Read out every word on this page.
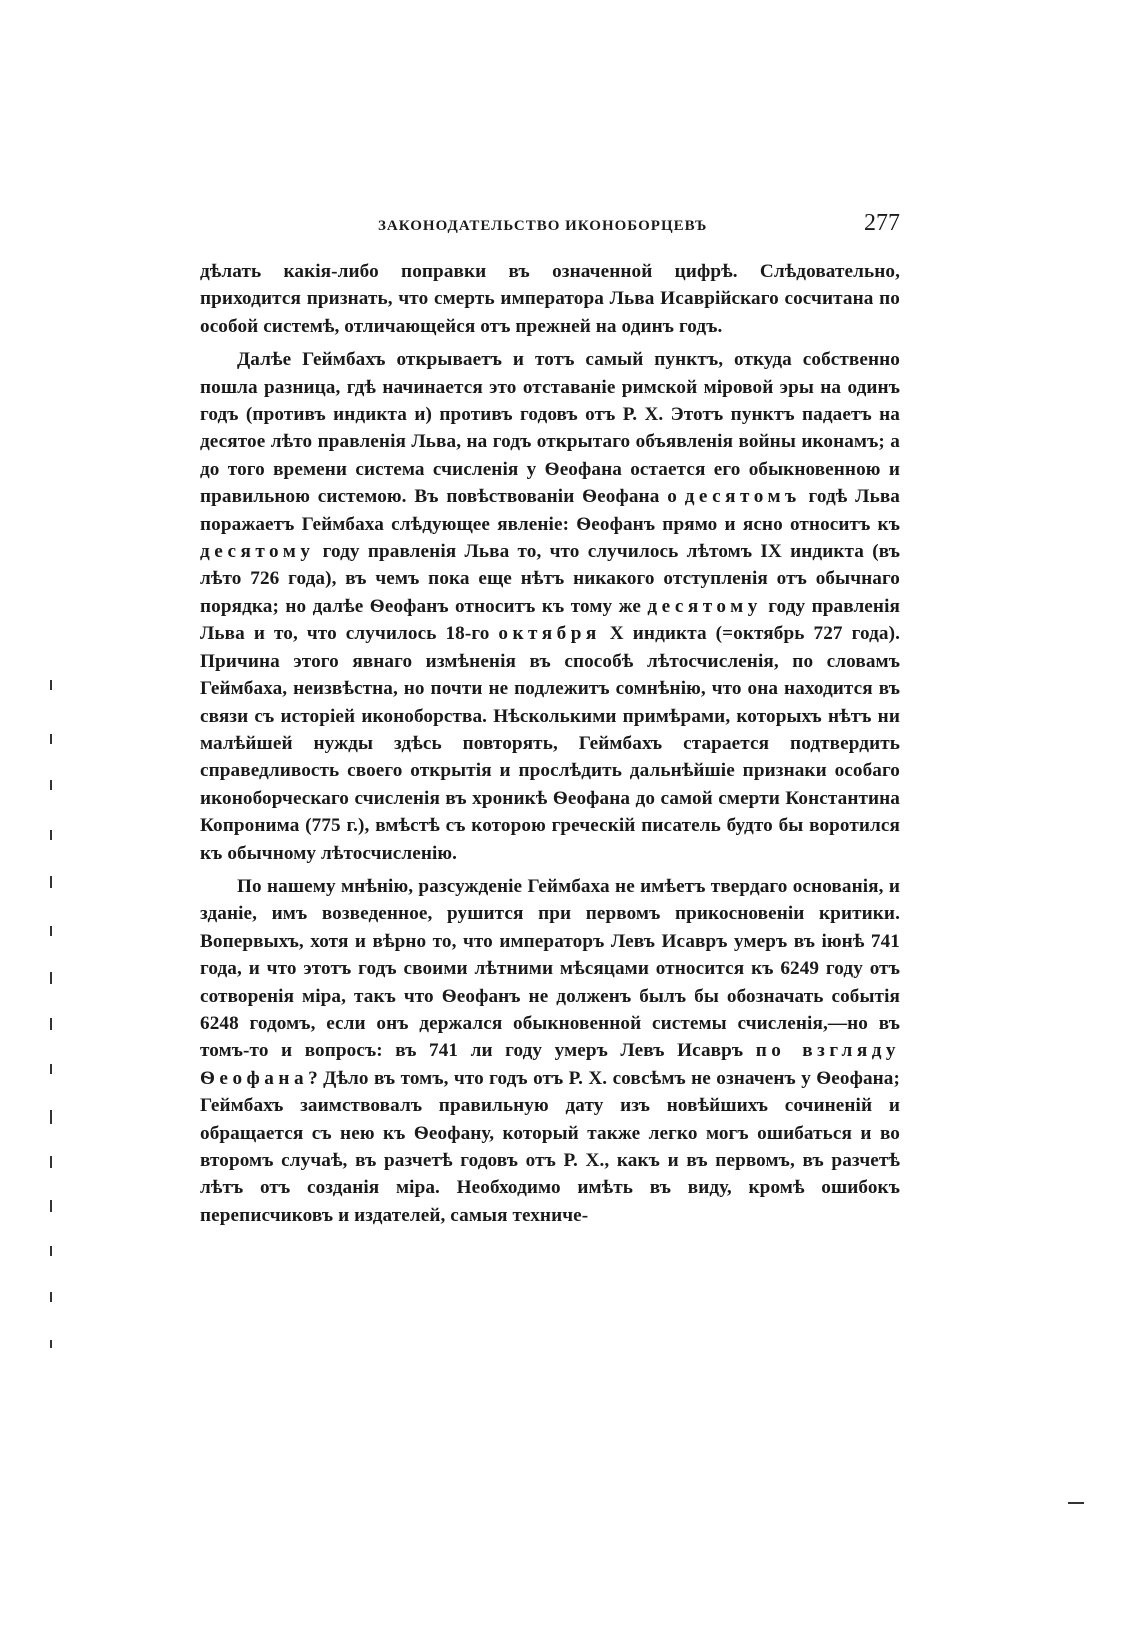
ЗАКОНОДАТЕЛЬСТВО ИКОНОБОРЦЕВЪ	277

дѣлать какія-либо поправки въ означенной цифрѣ. Слѣдовательно, приходится признать, что смерть императора Льва Исаврійскаго сосчитана по особой системѣ, отличающейся отъ прежней на одинъ годъ.

Далѣе Геймбахъ открываетъ и тотъ самый пунктъ, откуда собственно пошла разница, гдѣ начинается это отставаніе римской міровой эры на одинъ годъ (противъ индикта и) противъ годовъ отъ Р. Х. Этотъ пунктъ падаетъ на десятое лѣто правленія Льва, на годъ открытаго объявленія войны иконамъ; а до того времени система счисленія у Ѳеофана остается его обыкновенною и правильною системою. Въ повѣствованіи Ѳеофана о десятомъ годѣ Льва поражаетъ Геймбаха слѣдующее явленіе: Ѳеофанъ прямо и ясно относитъ къ десятому году правленія Льва то, что случилось лѣтомъ IX индикта (въ лѣто 726 года), въ чемъ пока еще нѣтъ никакого отступленія отъ обычнаго порядка; но далѣе Ѳеофанъ относитъ къ тому же десятому году правленія Льва и то, что случилось 18-го октября X индикта (=октябрь 727 года). Причина этого явнаго измѣненія въ способѣ лѣтосчисленія, по словамъ Геймбаха, неизвѣстна, но почти не подлежитъ сомнѣнію, что она находится въ связи съ исторіей иконоборства. Нѣсколькими примѣрами, которыхъ нѣтъ ни малѣйшей нужды здѣсь повторять, Геймбахъ старается подтвердить справедливость своего открытія и прослѣдить дальнѣйшіе признаки особаго иконоборческаго счисленія въ хроникѣ Ѳеофана до самой смерти Константина Копронима (775 г.), вмѣстѣ съ которою греческій писатель будто бы воротился къ обычному лѣтосчисленію.

По нашему мнѣнію, разсужденіе Геймбаха не имѣетъ твердаго основанія, и зданіе, имъ возведенное, рушится при первомъ прикосновеніи критики. Вопервыхъ, хотя и вѣрно то, что императоръ Левъ Исавръ умеръ въ іюнѣ 741 года, и что этотъ годъ своими лѣтними мѣсяцами относится къ 6249 году отъ сотворенія міра, такъ что Ѳеофанъ не долженъ былъ бы обозначать событія 6248 годомъ, если онъ держался обыкновенной системы счисленія,—но въ томъ-то и вопросъ: въ 741 ли году умеръ Левъ Исавръ по взгляду Ѳеофана? Дѣло въ томъ, что годъ отъ Р. Х. совсѣмъ не означенъ у Ѳеофана; Геймбахъ заимствовалъ правильную дату изъ новѣйшихъ сочиненій и обращается съ нею къ Ѳеофану, который также легко могъ ошибаться и во второмъ случаѣ, въ разчетѣ годовъ отъ Р. Х., какъ и въ первомъ, въ разчетѣ лѣтъ отъ созданія міра. Необходимо имѣть въ виду, кромѣ ошибокъ переписчиковъ и издателей, самыя техниче-
